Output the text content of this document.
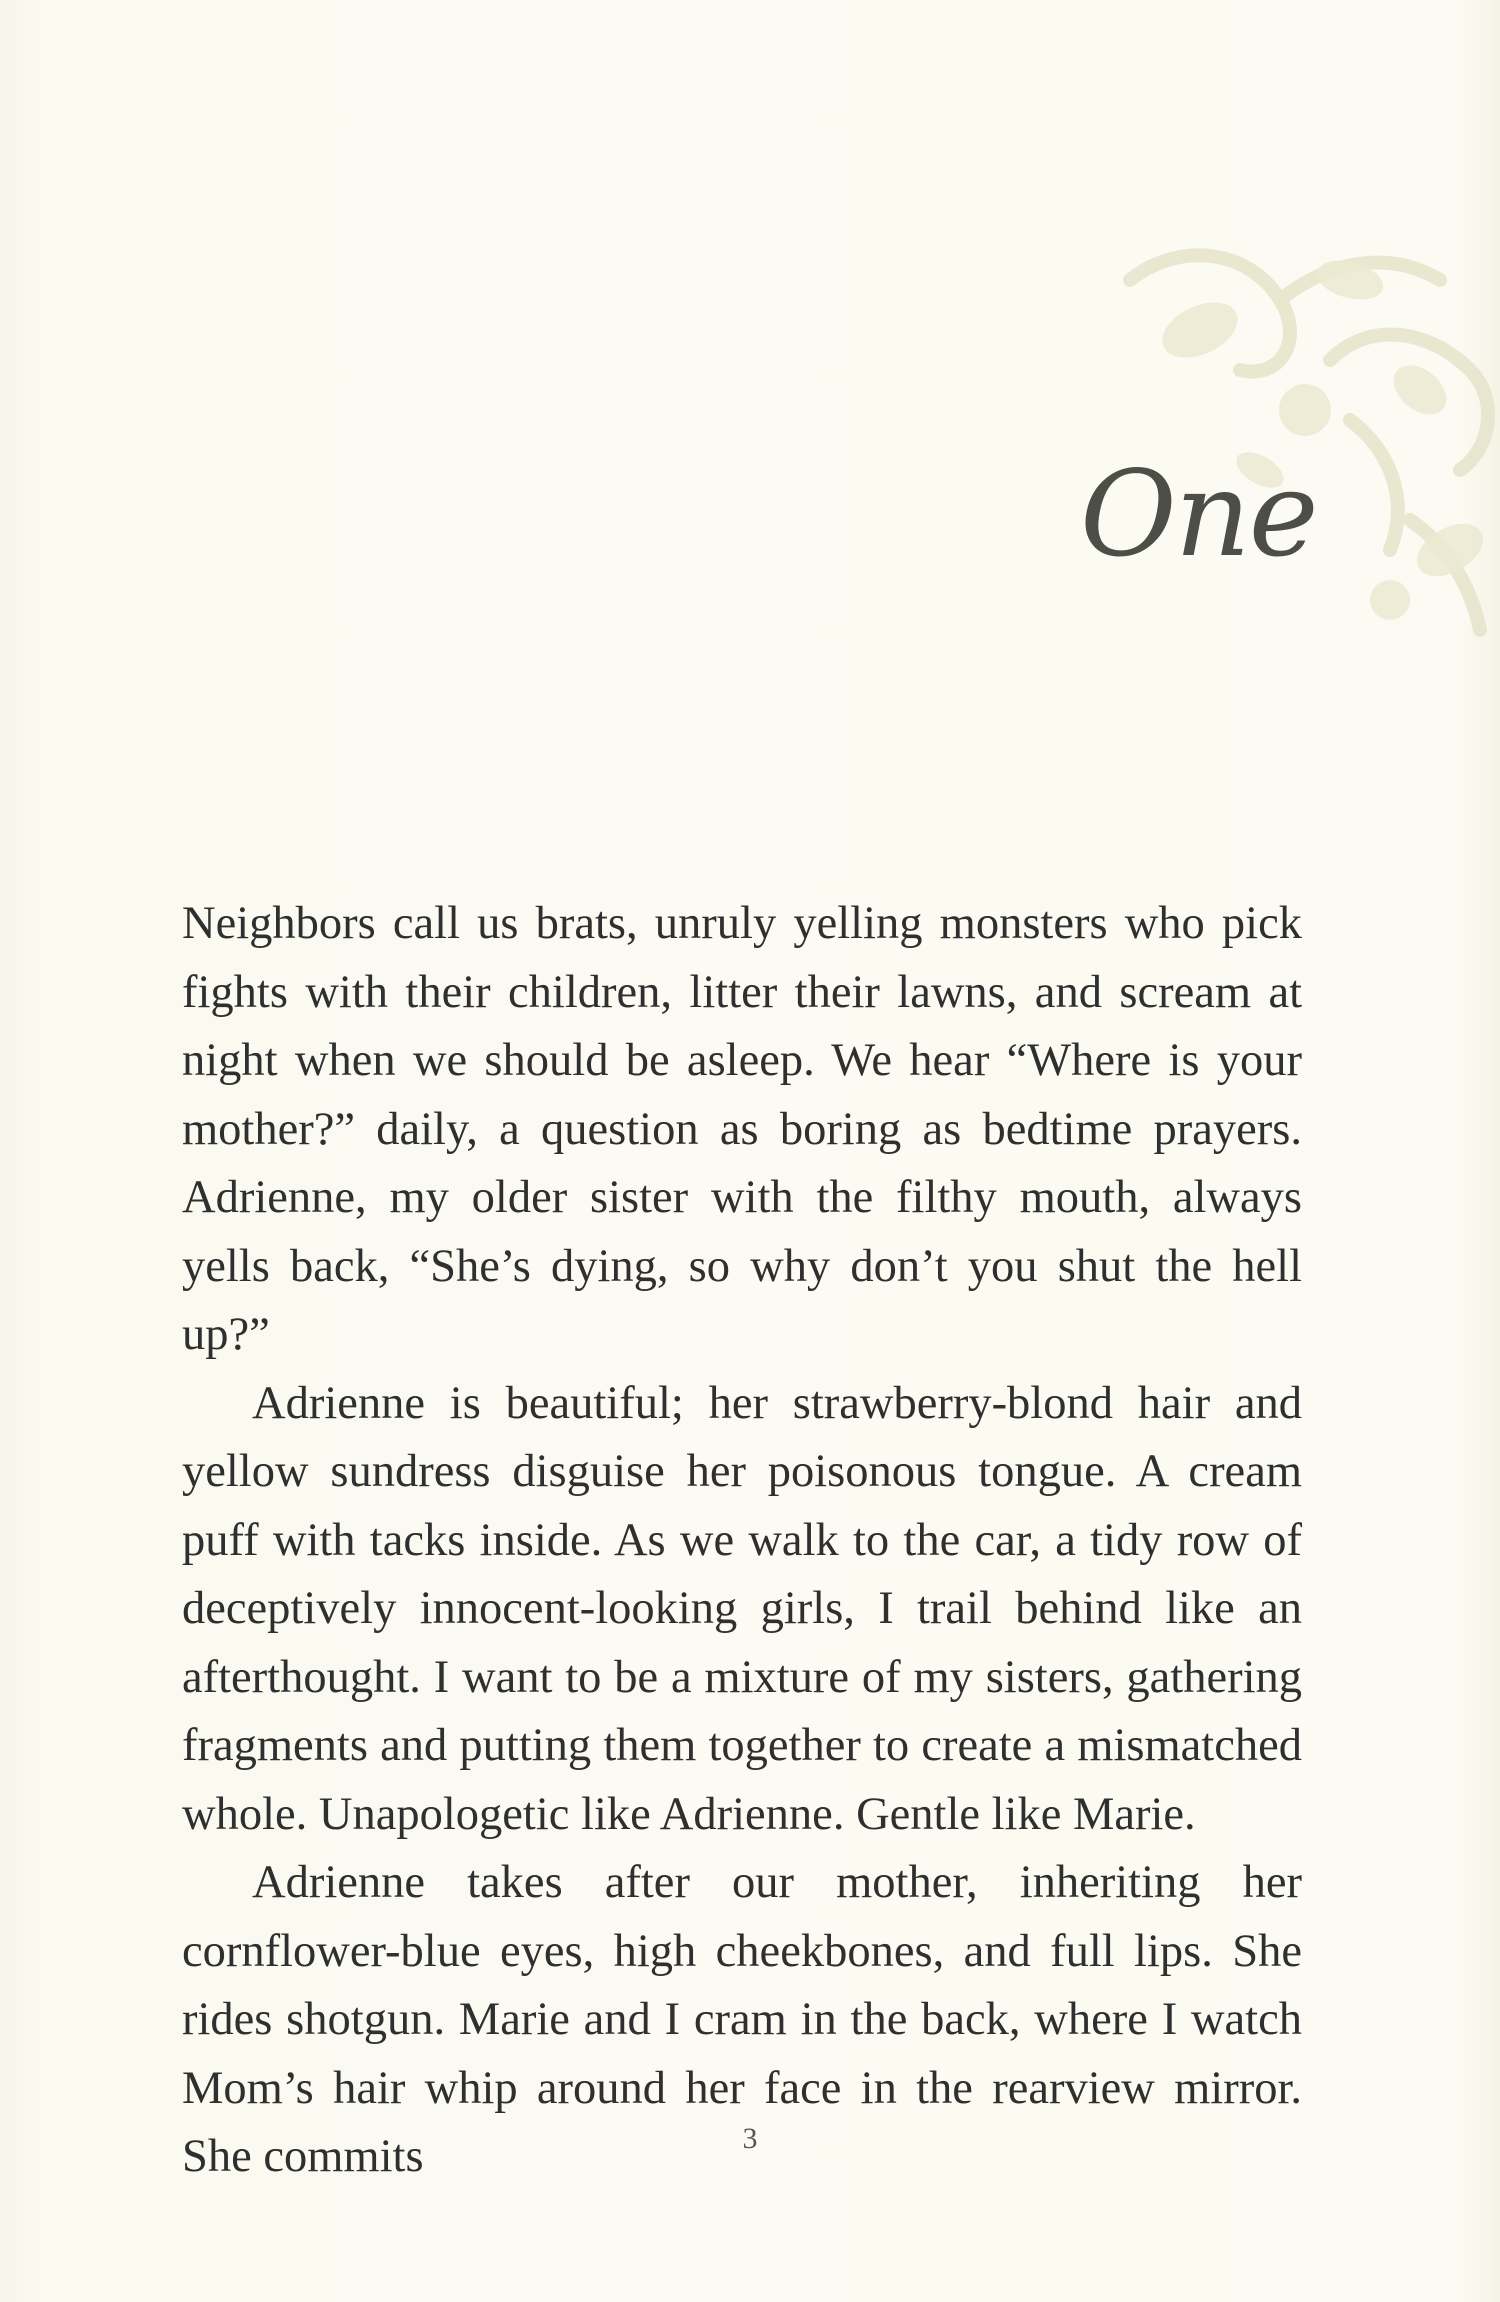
One

Neighbors call us brats, unruly yelling monsters who pick fights with their children, litter their lawns, and scream at night when we should be asleep. We hear “Where is your mother?” daily, a question as boring as bedtime prayers. Adrienne, my older sister with the filthy mouth, always yells back, “She’s dying, so why don’t you shut the hell up?”

Adrienne is beautiful; her strawberry-blond hair and yellow sundress disguise her poisonous tongue. A cream puff with tacks inside. As we walk to the car, a tidy row of deceptively innocent-looking girls, I trail behind like an afterthought. I want to be a mixture of my sisters, gathering fragments and putting them together to create a mismatched whole. Unapologetic like Adrienne. Gentle like Marie.

Adrienne takes after our mother, inheriting her cornflower-blue eyes, high cheekbones, and full lips. She rides shotgun. Marie and I cram in the back, where I watch Mom’s hair whip around her face in the rearview mirror. She commits	3
